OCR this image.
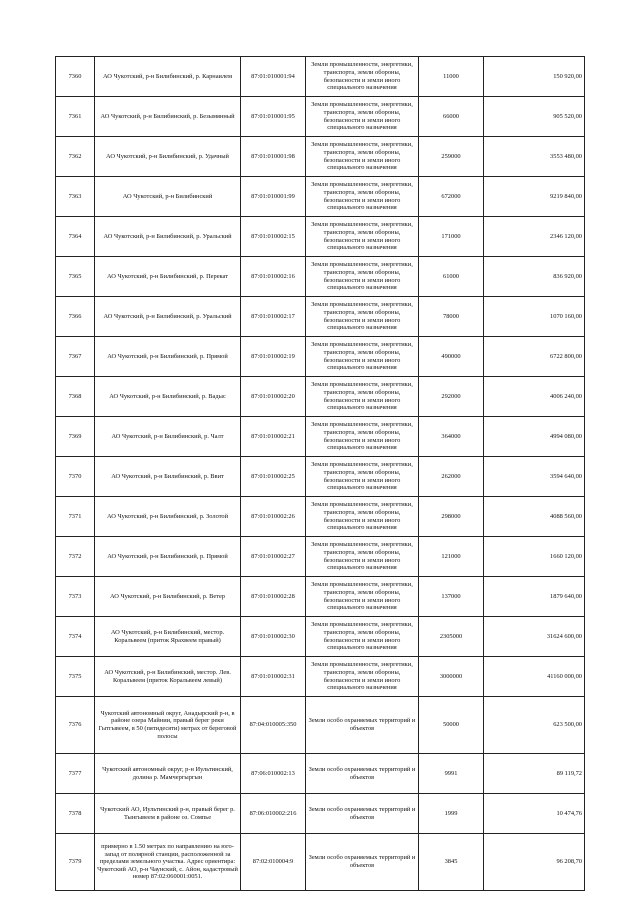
7360	АО Чукотский, р-н Билибинский, р. Карнаилем	87:01:010001:94	Земли промышленности, энергетики, транспорта, земли обороны, безопасности и земли иного специального назначения	11000	150 920,00
7361	АО Чукотский, р-н Билибинский, р. Безымянный	87:01:010001:95	Земли промышленности, энергетики, транспорта, земли обороны, безопасности и земли иного специального назначения	66000	905 520,00
7362	АО Чукотский, р-н Билибинский, р. Удачный	87:01:010001:98	Земли промышленности, энергетики, транспорта, земли обороны, безопасности и земли иного специального назначения	259000	3553 480,00
7363	АО Чукотский, р-н Билибинский	87:01:010001:99	Земли промышленности, энергетики, транспорта, земли обороны, безопасности и земли иного специального назначения	672000	9219 840,00
7364	АО Чукотский, р-н Билибинский, р. Уральский	87:01:010002:15	Земли промышленности, энергетики, транспорта, земли обороны, безопасности и земли иного специального назначения	171000	2346 120,00
7365	АО Чукотский, р-н Билибинский, р. Перекат	87:01:010002:16	Земли промышленности, энергетики, транспорта, земли обороны, безопасности и земли иного специального назначения	61000	836 920,00
7366	АО Чукотский, р-н Билибинский, р. Уральский	87:01:010002:17	Земли промышленности, энергетики, транспорта, земли обороны, безопасности и земли иного специального назначения	78000	1070 160,00
7367	АО Чукотский, р-н Билибинский, р. Прямой	87:01:010002:19	Земли промышленности, энергетики, транспорта, земли обороны, безопасности и земли иного специального назначения	490000	6722 800,00
7368	АО Чукотский, р-н Билибинский, р. Вадыс	87:01:010002:20	Земли промышленности, энергетики, транспорта, земли обороны, безопасности и земли иного специального назначения	292000	4006 240,00
7369	АО Чукотский, р-н Билибинский, р. Чалт	87:01:010002:21	Земли промышленности, энергетики, транспорта, земли обороны, безопасности и земли иного специального назначения	364000	4994 080,00
7370	АО Чукотский, р-н Билибинский, р. Ввит	87:01:010002:25	Земли промышленности, энергетики, транспорта, земли обороны, безопасности и земли иного специального назначения	262000	3594 640,00
7371	АО Чукотский, р-н Билибинский, р. Золотой	87:01:010002:26	Земли промышленности, энергетики, транспорта, земли обороны, безопасности и земли иного специального назначения	298000	4088 560,00
7372	АО Чукотский, р-н Билибинский, р. Прямой	87:01:010002:27	Земли промышленности, энергетики, транспорта, земли обороны, безопасности и земли иного специального назначения	121000	1660 120,00
7373	АО Чукотский, р-н Билибинский, р. Ветер	87:01:010002:28	Земли промышленности, энергетики, транспорта, земли обороны, безопасности и земли иного специального назначения	137000	1879 640,00
7374	АО Чукотский, р-н Билибинский, местор. Коральвеем (приток Ярахвеем правый)	87:01:010002:30	Земли промышленности, энергетики, транспорта, земли обороны, безопасности и земли иного специального назначения	2305000	31624 600,00
7375	АО Чукотский, р-н Билибинский, местор. Лев. Коральвеем (приток Коральвеем левый)	87:01:010002:31	Земли промышленности, энергетики, транспорта, земли обороны, безопасности и земли иного специального назначения	3000000	41160 000,00
7376	Чукотский автономный округ, Анадырский р-н, в районе озера Майнии, правый берег реки Гытгывеем, в 50 (пятидесяти) метрах от береговой полосы	87:04:010005:350	Земли особо охраняемых территорий и объектов	50000	623 500,00
7377	Чукотский автономный округ, р-н Иультинский, долина р. Мамчергыргын	87:06:010002:13	Земли особо охраняемых территорий и объектов	9991	89 119,72
7378	Чукотский АО, Иультинский р-н, правый берег р. Тынгывеем в районе оз. Сомпье	87:06:010002:216	Земли особо охраняемых территорий и объектов	1999	10 474,76
7379	примерно в 1.50 метрах по направлению на юго-запад от полярной станции, расположенной за пределами земельного участка. Адрес ориентира: Чукотский АО, р-н Чаунский, с. Айон, кадастровый номер 87:02:060001:0051.	87:02:010004:9	Земли особо охраняемых территорий и объектов	3845	96 208,70
